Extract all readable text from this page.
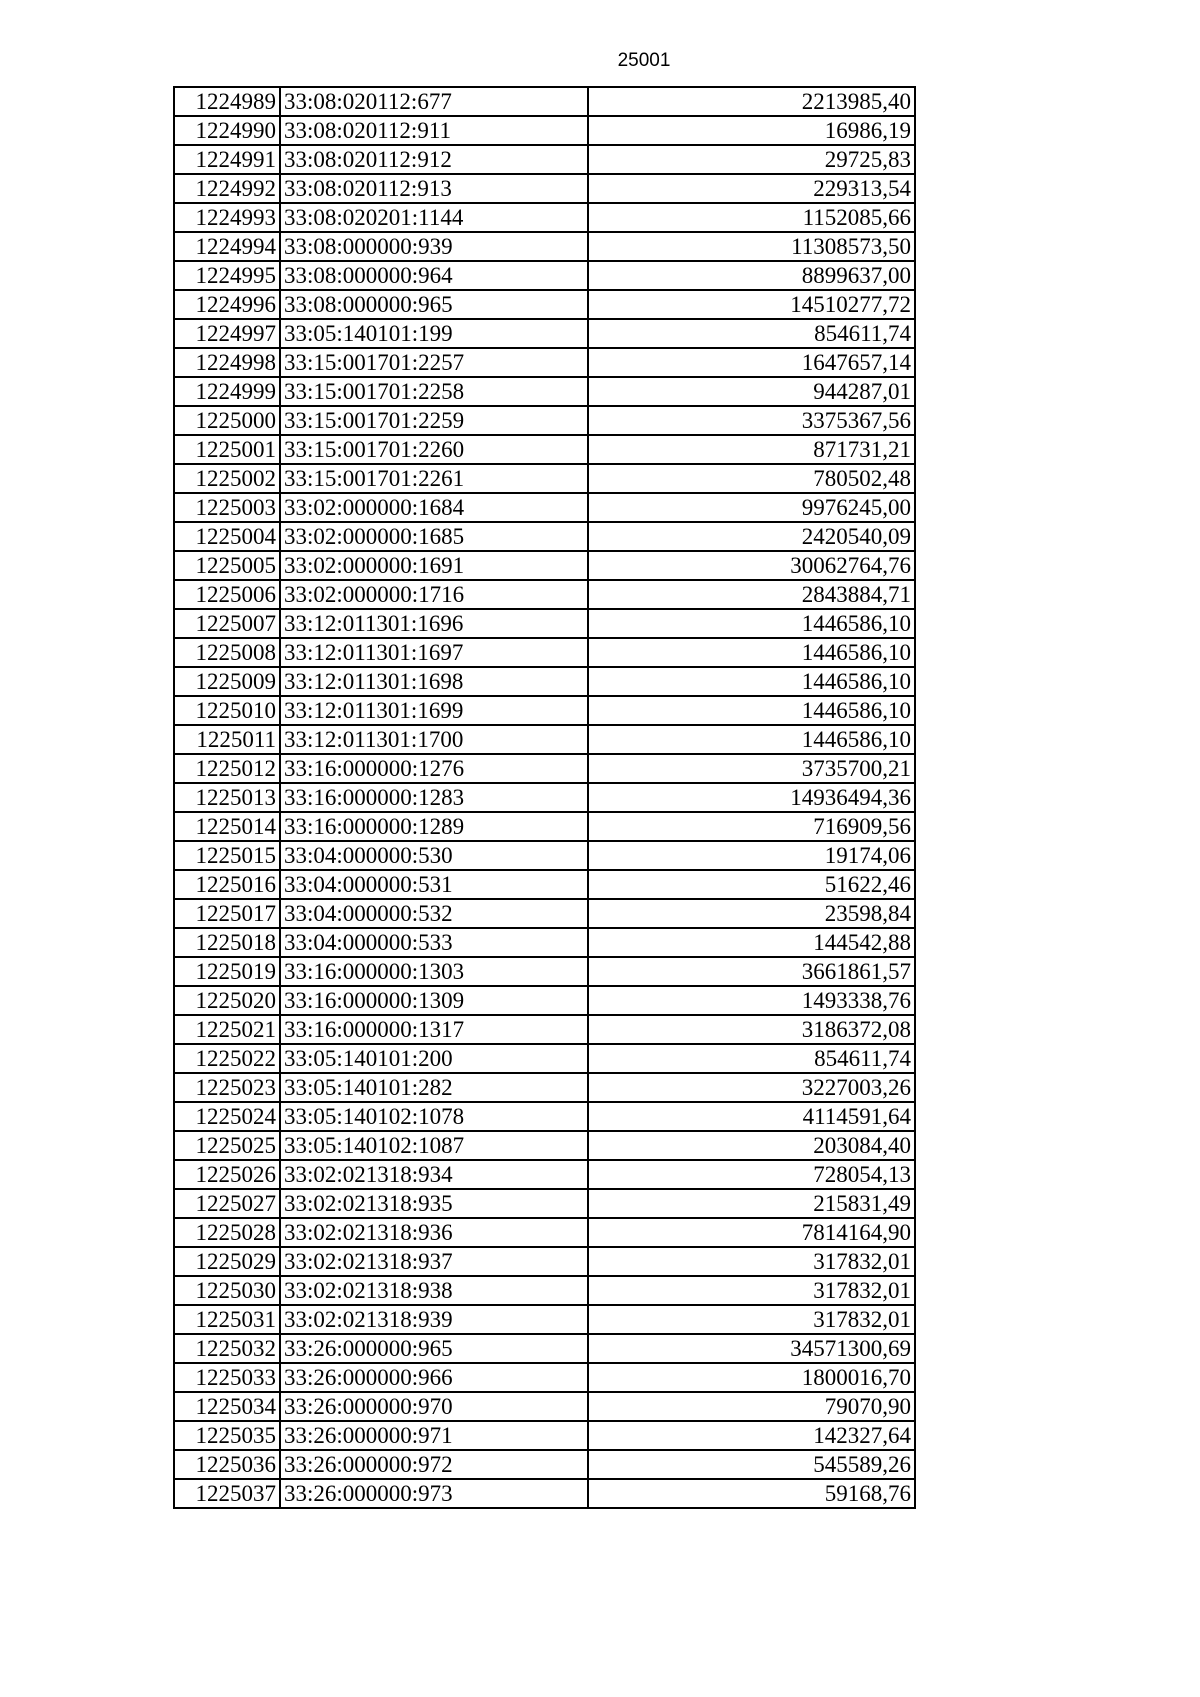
25001
1224989	33:08:020112:677	2213985,40
1224990	33:08:020112:911	16986,19
1224991	33:08:020112:912	29725,83
1224992	33:08:020112:913	229313,54
1224993	33:08:020201:1144	1152085,66
1224994	33:08:000000:939	11308573,50
1224995	33:08:000000:964	8899637,00
1224996	33:08:000000:965	14510277,72
1224997	33:05:140101:199	854611,74
1224998	33:15:001701:2257	1647657,14
1224999	33:15:001701:2258	944287,01
1225000	33:15:001701:2259	3375367,56
1225001	33:15:001701:2260	871731,21
1225002	33:15:001701:2261	780502,48
1225003	33:02:000000:1684	9976245,00
1225004	33:02:000000:1685	2420540,09
1225005	33:02:000000:1691	30062764,76
1225006	33:02:000000:1716	2843884,71
1225007	33:12:011301:1696	1446586,10
1225008	33:12:011301:1697	1446586,10
1225009	33:12:011301:1698	1446586,10
1225010	33:12:011301:1699	1446586,10
1225011	33:12:011301:1700	1446586,10
1225012	33:16:000000:1276	3735700,21
1225013	33:16:000000:1283	14936494,36
1225014	33:16:000000:1289	716909,56
1225015	33:04:000000:530	19174,06
1225016	33:04:000000:531	51622,46
1225017	33:04:000000:532	23598,84
1225018	33:04:000000:533	144542,88
1225019	33:16:000000:1303	3661861,57
1225020	33:16:000000:1309	1493338,76
1225021	33:16:000000:1317	3186372,08
1225022	33:05:140101:200	854611,74
1225023	33:05:140101:282	3227003,26
1225024	33:05:140102:1078	4114591,64
1225025	33:05:140102:1087	203084,40
1225026	33:02:021318:934	728054,13
1225027	33:02:021318:935	215831,49
1225028	33:02:021318:936	7814164,90
1225029	33:02:021318:937	317832,01
1225030	33:02:021318:938	317832,01
1225031	33:02:021318:939	317832,01
1225032	33:26:000000:965	34571300,69
1225033	33:26:000000:966	1800016,70
1225034	33:26:000000:970	79070,90
1225035	33:26:000000:971	142327,64
1225036	33:26:000000:972	545589,26
1225037	33:26:000000:973	59168,76
